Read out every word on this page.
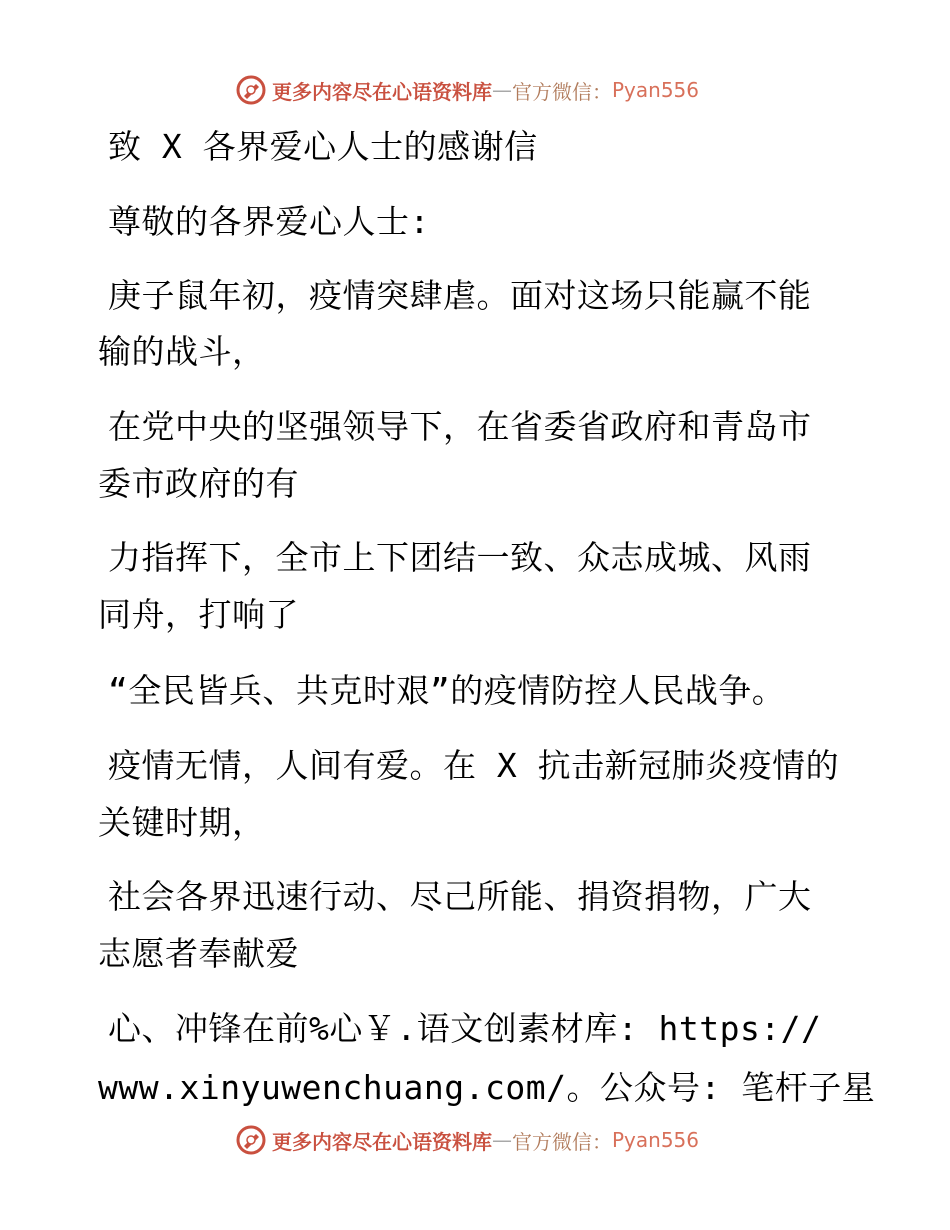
更多内容尽在心语资料库 — 官方微信： Pyan556
致 X 各界爱心人士的感谢信
尊敬的各界爱心人士:
庚子鼠年初，疫情突肆虐。面对这场只能赢不能
输的战斗，
在党中央的坚强领导下，在省委省政府和青岛市
委市政府的有
力指挥下，全市上下团结一致、众志成城、风雨
同舟，打响了
“全民皆兵、共克时艰”的疫情防控人民战争。
疫情无情，人间有爱。在 X 抗击新冠肺炎疫情的
关键时期，
社会各界迅速行动、尽己所能、捐资捐物，广大
志愿者奉献爱
心、冲锋在前%心￥.语文创素材库: https://
www.xinyuwenchuang.com/。公众号: 笔杆子星
更多内容尽在心语资料库 — 官方微信： Pyan556
